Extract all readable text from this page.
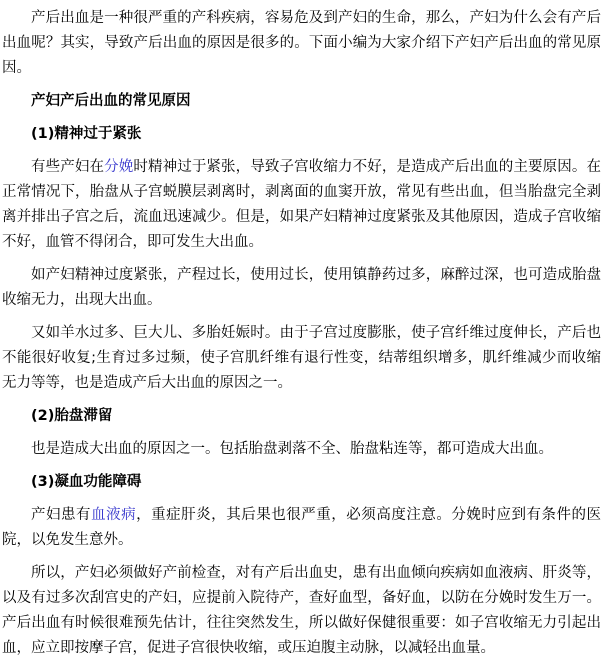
产后出血是一种很严重的产科疾病，容易危及到产妇的生命，那么，产妇为什么会有产后出血呢？其实，导致产后出血的原因是很多的。下面小编为大家介绍下产妇产后出血的常见原因。

产妇产后出血的常见原因

(1)精神过于紧张

有些产妇在分娩时精神过于紧张，导致子宫收缩力不好，是造成产后出血的主要原因。在正常情况下，胎盘从子宫蜕膜层剥离时，剥离面的血窦开放，常见有些出血，但当胎盘完全剥离并排出子宫之后，流血迅速减少。但是，如果产妇精神过度紧张及其他原因，造成子宫收缩不好，血管不得闭合，即可发生大出血。

如产妇精神过度紧张，产程过长，使用过长，使用镇静药过多，麻醉过深，也可造成胎盘收缩无力，出现大出血。

又如羊水过多、巨大儿、多胎妊娠时。由于子宫过度膨胀，使子宫纤维过度伸长，产后也不能很好收复;生育过多过频，使子宫肌纤维有退行性变，结蒂组织增多，肌纤维减少而收缩无力等等，也是造成产后大出血的原因之一。

(2)胎盘滞留

也是造成大出血的原因之一。包括胎盘剥落不全、胎盘粘连等，都可造成大出血。

(3)凝血功能障碍

产妇患有血液病，重症肝炎，其后果也很严重，必须高度注意。分娩时应到有条件的医院，以免发生意外。

所以，产妇必须做好产前检查，对有产后出血史，患有出血倾向疾病如血液病、肝炎等，以及有过多次刮宫史的产妇，应提前入院待产，查好血型，备好血，以防在分娩时发生万一。产后出血有时候很难预先估计，往往突然发生，所以做好保健很重要：如子宫收缩无力引起出血，应立即按摩子宫，促进子宫很快收缩，或压迫腹主动脉，以减轻出血量。
